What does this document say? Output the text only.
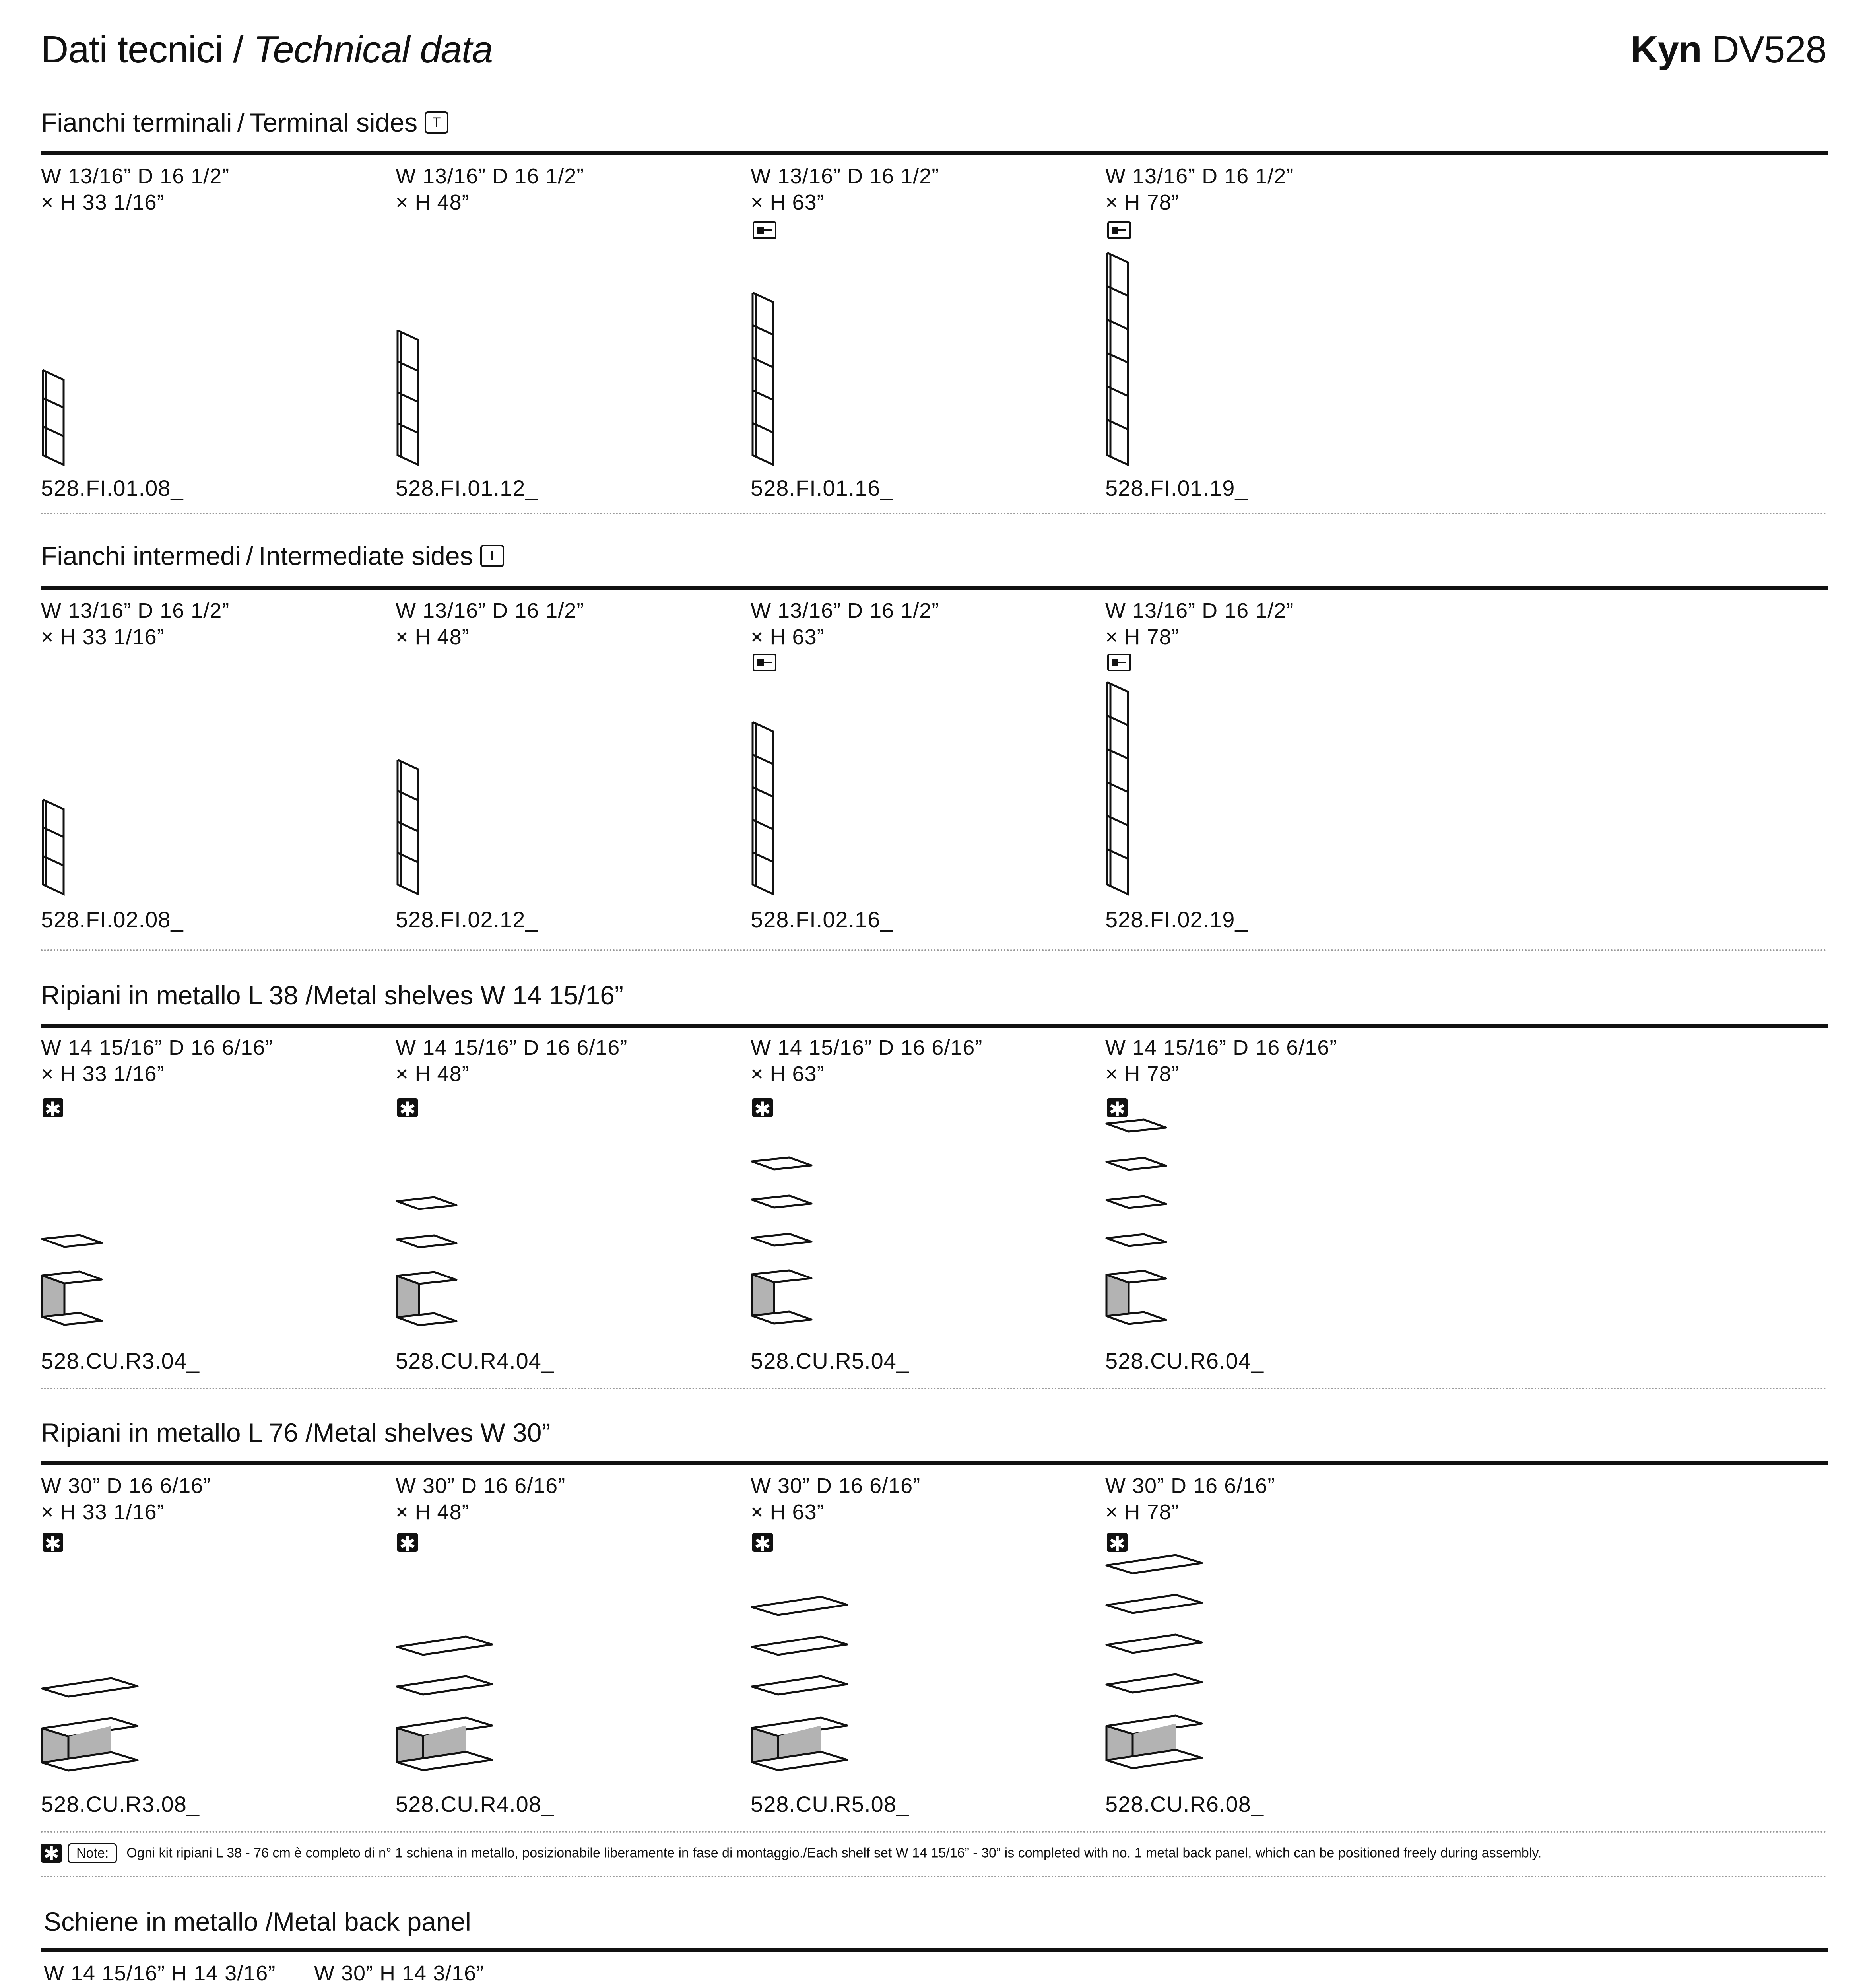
Dati tecnici / Technical data	Kyn DV528
Fianchi terminali / Terminal sides T
W 13/16” D 16 1/2”
× H 33 1/16”
W 13/16” D 16 1/2”
× H 48”
W 13/16” D 16 1/2”
× H 63”
W 13/16” D 16 1/2”
× H 78”
528.FI.01.08_	528.FI.01.12_	528.FI.01.16_	528.FI.01.19_
Fianchi intermedi / Intermediate sides I
W 13/16” D 16 1/2”
× H 33 1/16”
W 13/16” D 16 1/2”
× H 48”
W 13/16” D 16 1/2”
× H 63”
W 13/16” D 16 1/2”
× H 78”
528.FI.02.08_	528.FI.02.12_	528.FI.02.16_	528.FI.02.19_
Ripiani in metallo L 38 /Metal shelves W 14 15/16”
W 14 15/16” D 16 6/16”
× H 33 1/16”
W 14 15/16” D 16 6/16”
× H 48”
W 14 15/16” D 16 6/16”
× H 63”
W 14 15/16” D 16 6/16”
× H 78”
✱	✱	✱	✱
528.CU.R3.04_	528.CU.R4.04_	528.CU.R5.04_	528.CU.R6.04_
Ripiani in metallo L 76 /Metal shelves W 30”
W 30” D 16 6/16”
× H 33 1/16”
W 30” D 16 6/16”
× H 48”
W 30” D 16 6/16”
× H 63”
W 30” D 16 6/16”
× H 78”
✱	✱	✱	✱
528.CU.R3.08_	528.CU.R4.08_	528.CU.R5.08_	528.CU.R6.08_
✱ Note: Ogni kit ripiani L 38 - 76 cm è completo di n° 1 schiena in metallo, posizionabile liberamente in fase di montaggio./Each shelf set W 14 15/16” - 30” is completed with no. 1 metal back panel, which can be positioned freely during assembly.
Schiene in metallo /Metal back panel
W 14 15/16” H 14 3/16” W 30” H 14 3/16”
